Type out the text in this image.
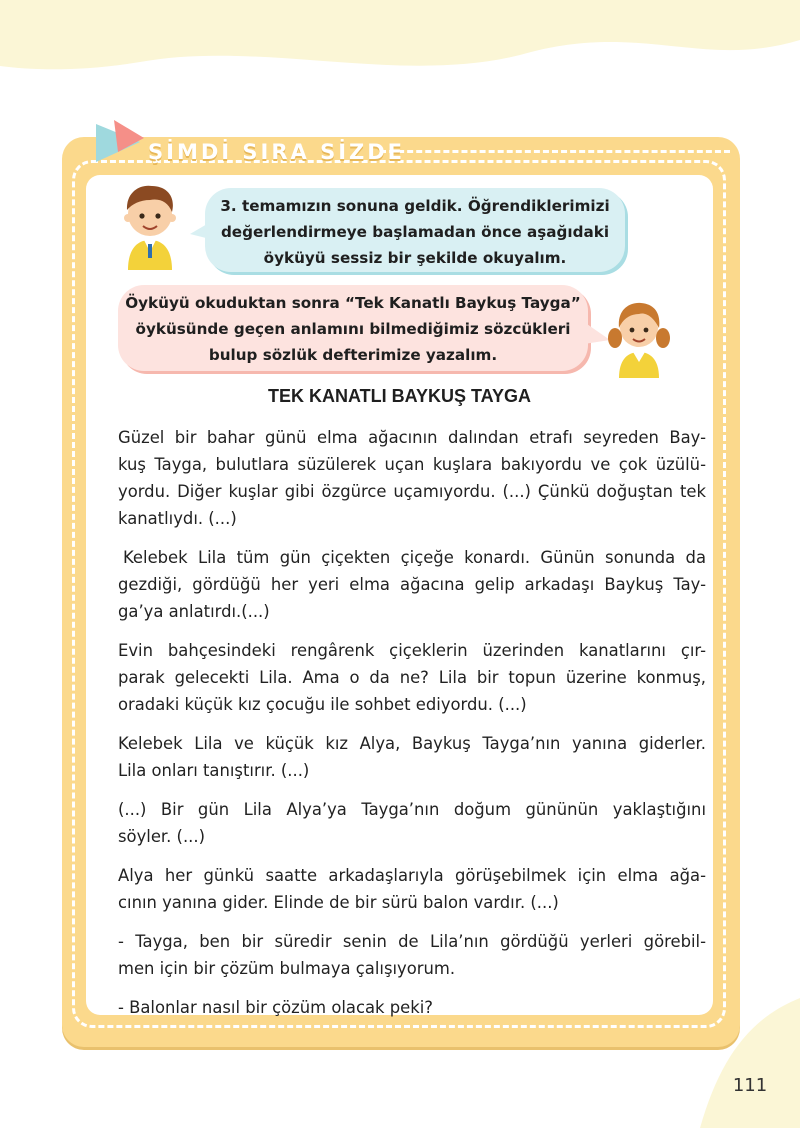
ŞİMDİ SIRA SİZDE
3. temamızın sonuna geldik. Öğrendiklerimizi
değerlendirmeye başlamadan önce aşağıdaki
öyküyü sessiz bir şekilde okuyalım.
Öyküyü okuduktan sonra “Tek Kanatlı Baykuş Tayga”
öyküsünde geçen anlamını bilmediğimiz sözcükleri
bulup sözlük defterimize yazalım.
TEK KANATLI BAYKUŞ TAYGA

Güzel bir bahar günü elma ağacının dalından etrafı seyreden Bay-
kuş Tayga, bulutlara süzülerek uçan kuşlara bakıyordu ve çok üzülü-
yordu. Diğer kuşlar gibi özgürce uçamıyordu. (...) Çünkü doğuştan tek
kanatlıydı. (...)

Kelebek Lila tüm gün çiçekten çiçeğe konardı. Günün sonunda da
gezdiği, gördüğü her yeri elma ağacına gelip arkadaşı Baykuş Tay-
ga’ya anlatırdı.(...)

Evin bahçesindeki rengârenk çiçeklerin üzerinden kanatlarını çır-
parak gelecekti Lila. Ama o da ne? Lila bir topun üzerine konmuş,
oradaki küçük kız çocuğu ile sohbet ediyordu. (...)

Kelebek Lila ve küçük kız Alya, Baykuş Tayga’nın yanına giderler.
Lila onları tanıştırır. (...)

(...) Bir gün Lila Alya’ya Tayga’nın doğum gününün yaklaştığını
söyler. (...)

Alya her günkü saatte arkadaşlarıyla görüşebilmek için elma ağa-
cının yanına gider. Elinde de bir sürü balon vardır. (...)

- Tayga, ben bir süredir senin de Lila’nın gördüğü yerleri görebil-
men için bir çözüm bulmaya çalışıyorum.

- Balonlar nasıl bir çözüm olacak peki?

111
